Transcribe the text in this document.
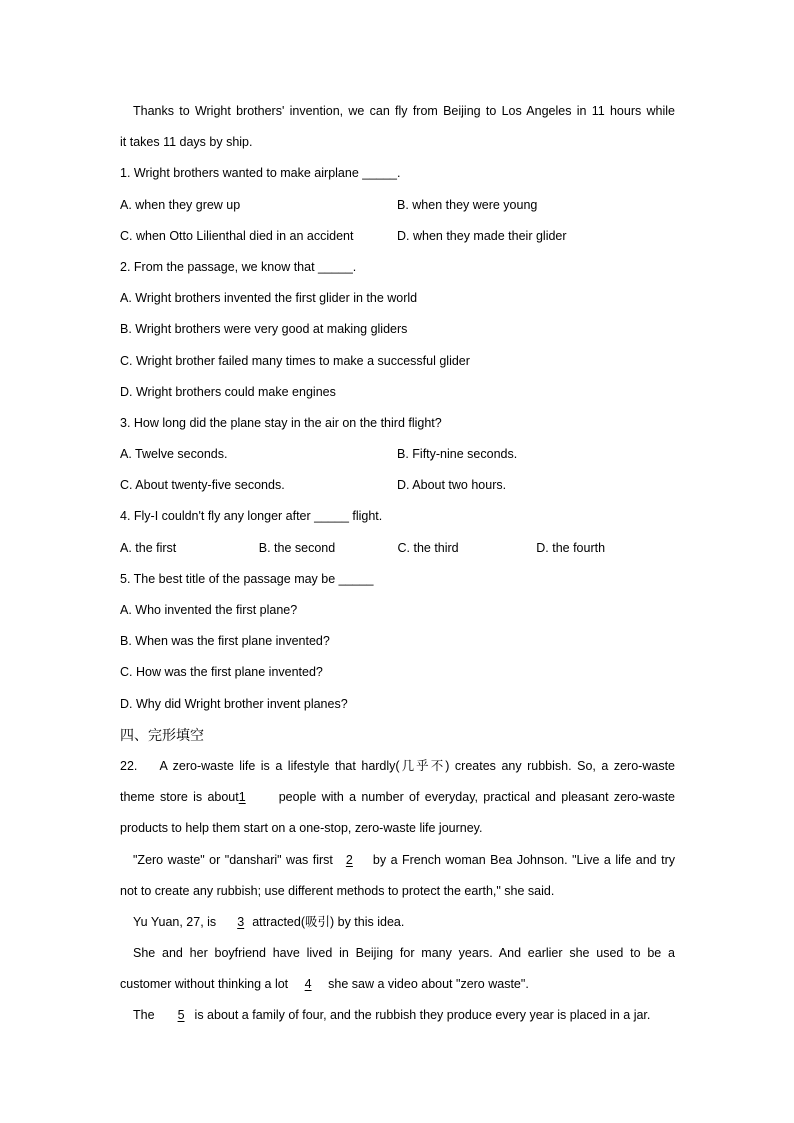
Thanks to Wright brothers' invention, we can fly from Beijing to Los Angeles in 11 hours while
it takes 11 days by ship.
1. Wright brothers wanted to make airplane _____.
A. when they grew up	B. when they were young
C. when Otto Lilienthal died in an accident	D. when they made their glider
2. From the passage, we know that _____.
A. Wright brothers invented the first glider in the world
B. Wright brothers were very good at making gliders
C. Wright brother failed many times to make a successful glider
D. Wright brothers could make engines
3. How long did the plane stay in the air on the third flight?
A. Twelve seconds.	B. Fifty-nine seconds.
C. About twenty-five seconds.	D. About two hours.
4. Fly-I couldn't fly any longer after _____ flight.
A. the first	B. the second	C. the third	D. the fourth
5. The best title of the passage may be _____
A. Who invented the first plane?
B. When was the first plane invented?
C. How was the first plane invented?
D. Why did Wright brother invent planes?
四、完形填空
22. A zero-waste life is a lifestyle that hardly(几乎不) creates any rubbish. So, a zero-waste
theme store is about1	people with a number of everyday, practical and pleasant zero-waste
products to help them start on a one-stop, zero-waste life journey.
"Zero waste" or "danshari" was first 2 by a French woman Bea Johnson. "Live a life and try
not to create any rubbish; use different methods to protect the earth," she said.
Yu Yuan, 27, is 3 attracted(吸引) by this idea.
She and her boyfriend have lived in Beijing for many years. And earlier she used to be a
customer without thinking a lot 4 she saw a video about "zero waste".
The 5 is about a family of four, and the rubbish they produce every year is placed in a jar.
